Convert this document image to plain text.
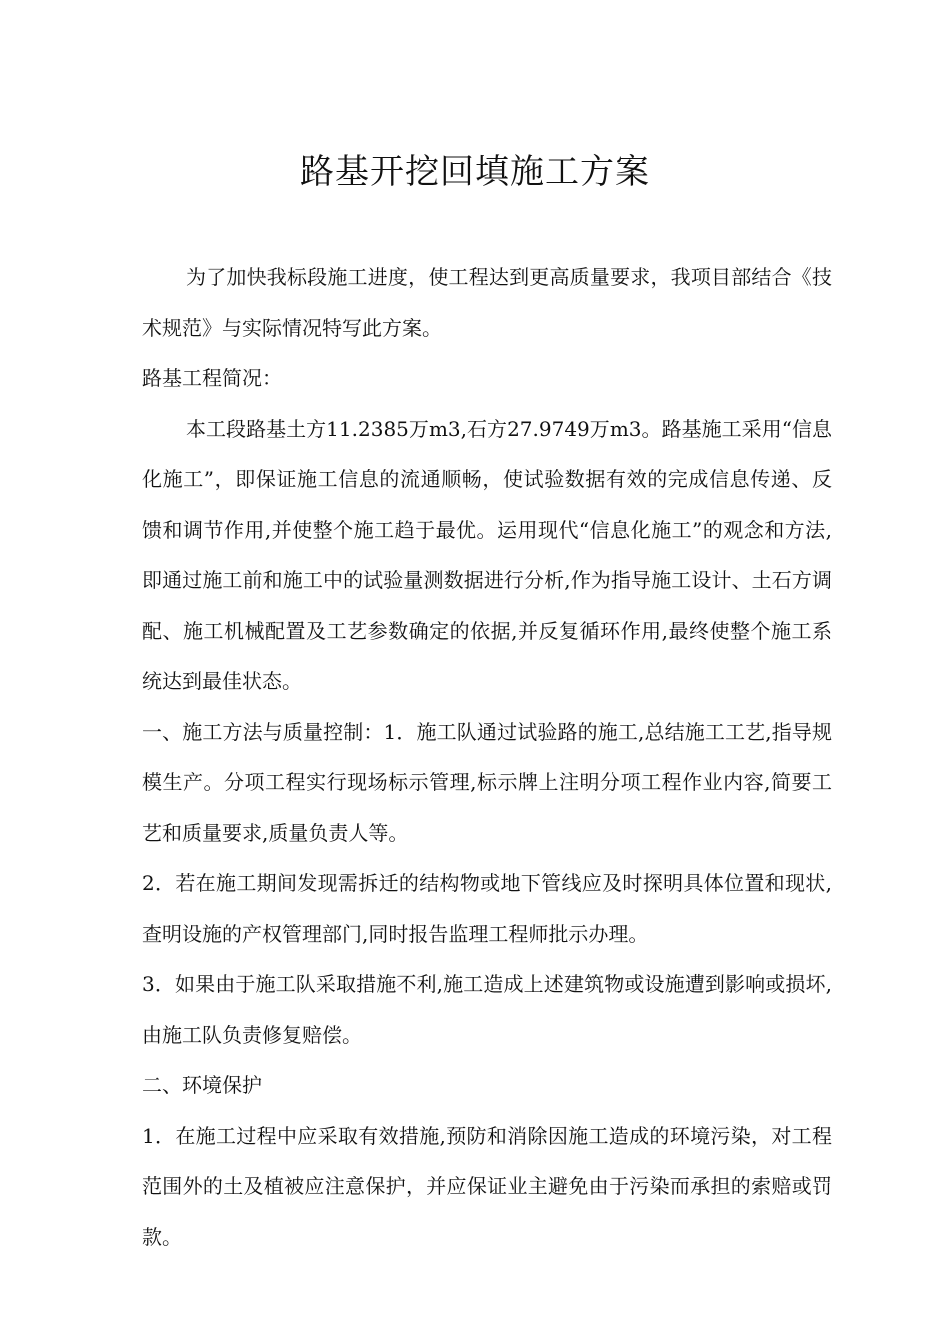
路基开挖回填施工方案

为了加快我标段施工进度，使工程达到更高质量要求，我项目部结合《技术规范》与实际情况特写此方案。

路基工程简况：

本工段路基土方11.2385万m3,石方27.9749万m3。路基施工采用“信息化施工”，即保证施工信息的流通顺畅，使试验数据有效的完成信息传递、反馈和调节作用,并使整个施工趋于最优。运用现代“信息化施工”的观念和方法,即通过施工前和施工中的试验量测数据进行分析,作为指导施工设计、土石方调配、施工机械配置及工艺参数确定的依据,并反复循环作用,最终使整个施工系统达到最佳状态。

一、施工方法与质量控制：1．施工队通过试验路的施工,总结施工工艺,指导规模生产。分项工程实行现场标示管理,标示牌上注明分项工程作业内容,简要工艺和质量要求,质量负责人等。

2．若在施工期间发现需拆迁的结构物或地下管线应及时探明具体位置和现状,查明设施的产权管理部门,同时报告监理工程师批示办理。

3．如果由于施工队采取措施不利,施工造成上述建筑物或设施遭到影响或损坏,由施工队负责修复赔偿。

二、环境保护

1．在施工过程中应采取有效措施,预防和消除因施工造成的环境污染，对工程范围外的土及植被应注意保护，并应保证业主避免由于污染而承担的索赔或罚款。
